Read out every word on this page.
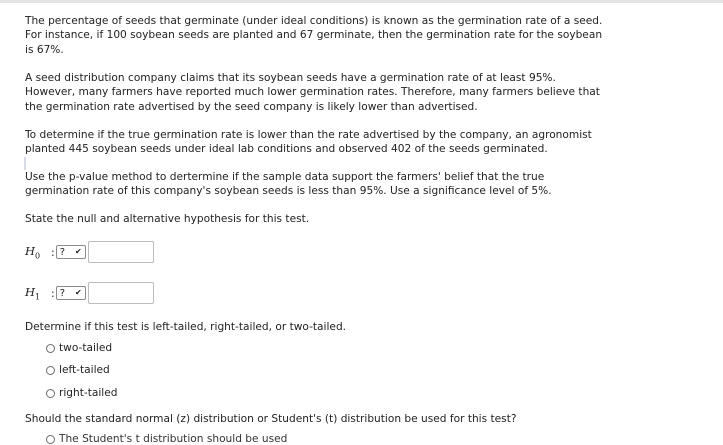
The percentage of seeds that germinate (under ideal conditions) is known as the germination rate of a seed. For instance, if 100 soybean seeds are planted and 67 germinate, then the germination rate for the soybean is 67%.

A seed distribution company claims that its soybean seeds have a germination rate of at least 95%. However, many farmers have reported much lower germination rates. Therefore, many farmers believe that the germination rate advertised by the seed company is likely lower than advertised.

To determine if the true germination rate is lower than the rate advertised by the company, an agronomist planted 445 soybean seeds under ideal lab conditions and observed 402 of the seeds germinated.

Use the p-value method to dertermine if the sample data support the farmers' belief that the true germination rate of this company's soybean seeds is less than 95%. Use a significance level of 5%.

State the null and alternative hypothesis for this test.

$H_0$ : ? ✔
$H_1$ : ? ✔

Determine if this test is left-tailed, right-tailed, or two-tailed.

two-tailed
left-tailed
right-tailed

Should the standard normal (z) distribution or Student's (t) distribution be used for this test?

The Student's t distribution should be used
